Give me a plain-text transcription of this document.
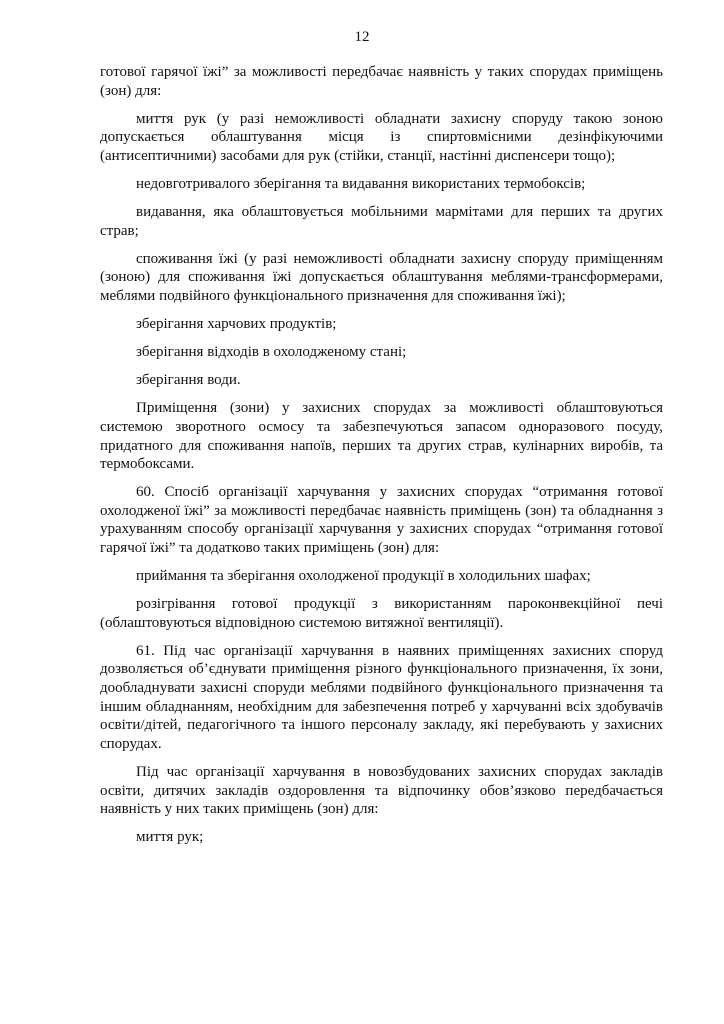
12

готової гарячої їжі” за можливості передбачає наявність у таких спорудах приміщень (зон) для:

миття рук (у разі неможливості обладнати захисну споруду такою зоною допускається облаштування місця із спиртовмісними дезінфікуючими (антисептичними) засобами для рук (стійки, станції, настінні диспенсери тощо);

недовготривалого зберігання та видавання використаних термобоксів;

видавання, яка облаштовується мобільними мармітами для перших та других страв;

споживання їжі (у разі неможливості обладнати захисну споруду приміщенням (зоною) для споживання їжі допускається облаштування меблями-трансформерами, меблями подвійного функціонального призначення для споживання їжі);

зберігання харчових продуктів;

зберігання відходів в охолодженому стані;

зберігання води.

Приміщення (зони) у захисних спорудах за можливості облаштовуються системою зворотного осмосу та забезпечуються запасом одноразового посуду, придатного для споживання напоїв, перших та других страв, кулінарних виробів, та термобоксами.

60. Спосіб організації харчування у захисних спорудах “отримання готової охолодженої їжі” за можливості передбачає наявність приміщень (зон) та обладнання з урахуванням способу організації харчування у захисних спорудах “отримання готової гарячої їжі” та додатково таких приміщень (зон) для:

приймання та зберігання охолодженої продукції в холодильних шафах;

розігрівання готової продукції з використанням пароконвекційної печі (облаштовуються відповідною системою витяжної вентиляції).

61. Під час організації харчування в наявних приміщеннях захисних споруд дозволяється об’єднувати приміщення різного функціонального призначення, їх зони, дообладнувати захисні споруди меблями подвійного функціонального призначення та іншим обладнанням, необхідним для забезпечення потреб у харчуванні всіх здобувачів освіти/дітей, педагогічного та іншого персоналу закладу, які перебувають у захисних спорудах.

Під час організації харчування в новозбудованих захисних спорудах закладів освіти, дитячих закладів оздоровлення та відпочинку обов’язково передбачається наявність у них таких приміщень (зон) для:

миття рук;
